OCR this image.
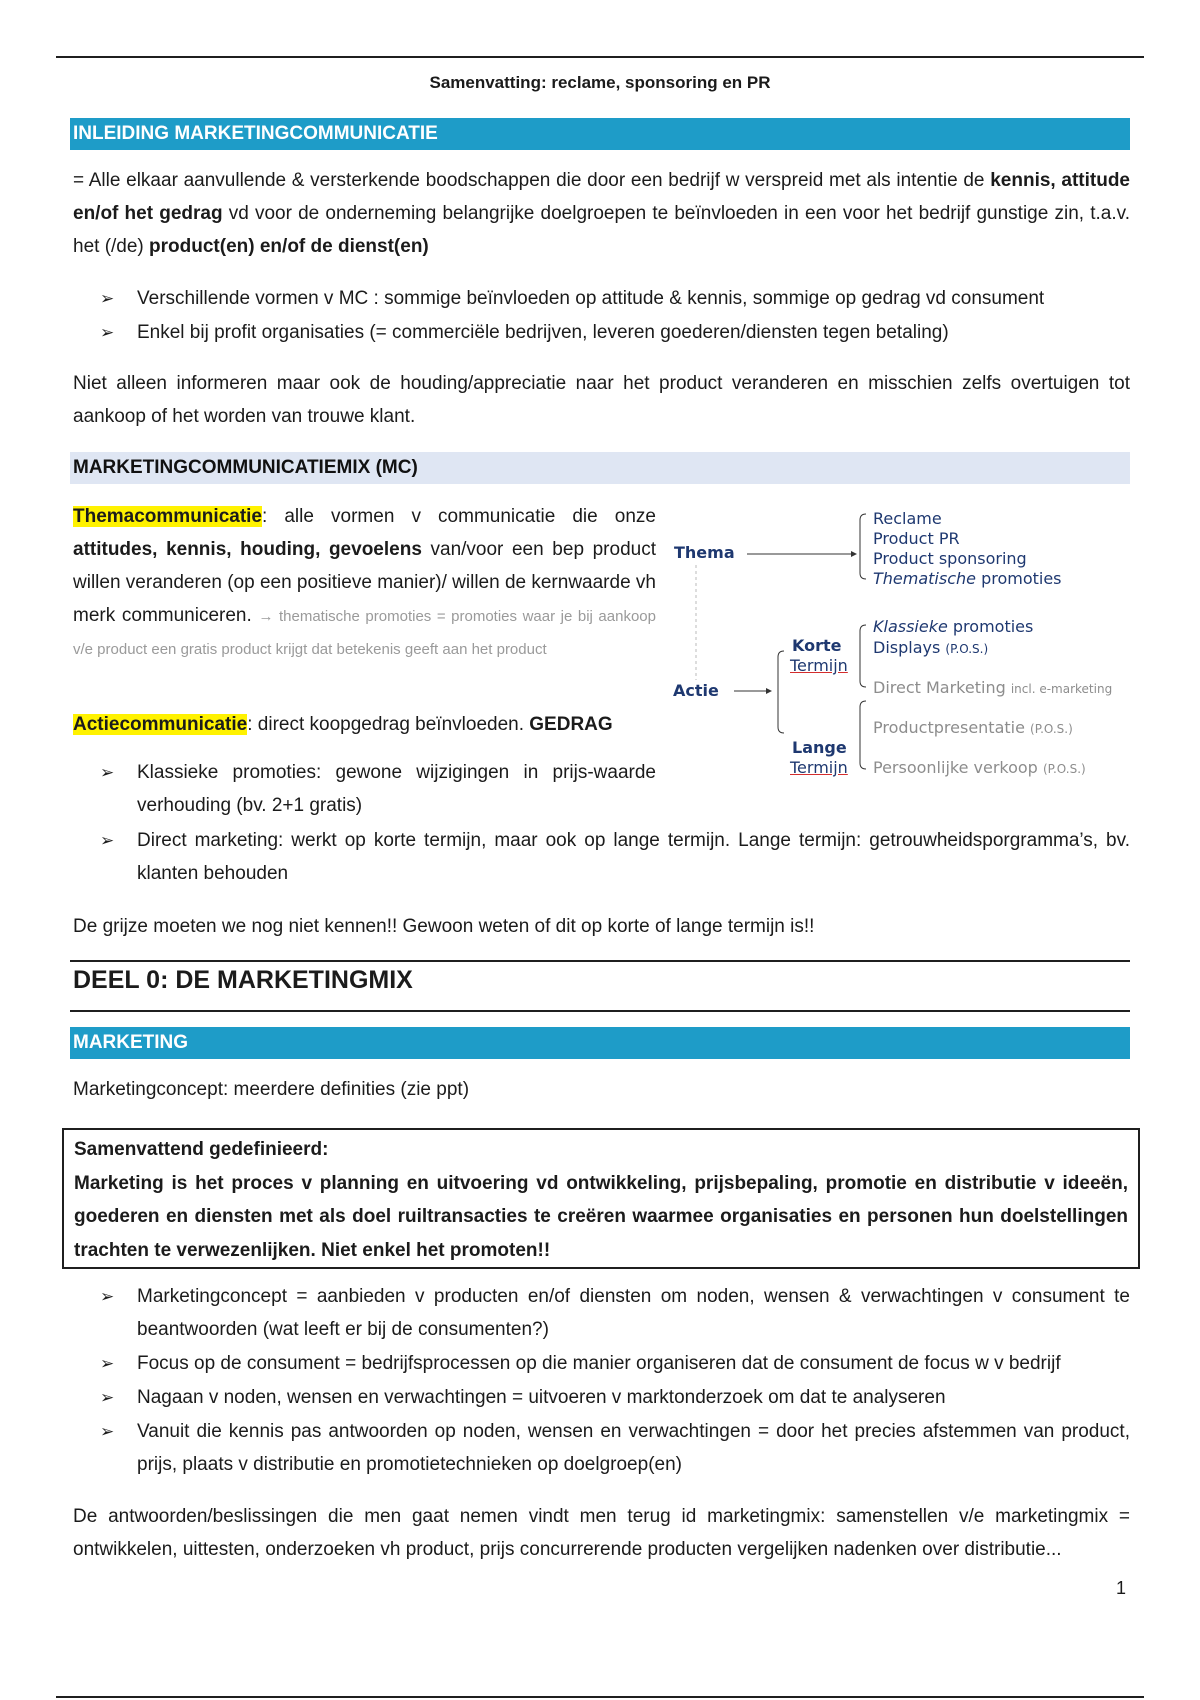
Samenvatting: reclame, sponsoring en PR
INLEIDING MARKETINGCOMMUNICATIE
= Alle elkaar aanvullende & versterkende boodschappen die door een bedrijf w verspreid met als intentie de kennis, attitude en/of het gedrag vd voor de onderneming belangrijke doelgroepen te beïnvloeden in een voor het bedrijf gunstige zin, t.a.v. het (/de) product(en) en/of de dienst(en)
➢ Verschillende vormen v MC : sommige beïnvloeden op attitude & kennis, sommige op gedrag vd consument
➢ Enkel bij profit organisaties (= commerciële bedrijven, leveren goederen/diensten tegen betaling)
Niet alleen informeren maar ook de houding/appreciatie naar het product veranderen en misschien zelfs overtuigen tot aankoop of het worden van trouwe klant.
MARKETINGCOMMUNICATIEMIX (MC)
Themacommunicatie: alle vormen v communicatie die onze attitudes, kennis, houding, gevoelens van/voor een bep product willen veranderen (op een positieve manier)/ willen de kernwaarde vh merk communiceren. → thematische promoties = promoties waar je bij aankoop v/e product een gratis product krijgt dat betekenis geeft aan het product
Actiecommunicatie: direct koopgedrag beïnvloeden. GEDRAG
➢ Klassieke promoties: gewone wijzigingen in prijs-waarde verhouding (bv. 2+1 gratis)
➢ Direct marketing: werkt op korte termijn, maar ook op lange termijn. Lange termijn: getrouwheidsporgramma’s, bv. klanten behouden
De grijze moeten we nog niet kennen!! Gewoon weten of dit op korte of lange termijn is!!
Thema
Actie
Korte
Termijn
Lange
Termijn
Reclame
Product PR
Product sponsoring
Thematische promoties
Klassieke promoties
Displays (P.O.S.)
Direct Marketing incl. e-marketing
Productpresentatie (P.O.S.)
Persoonlijke verkoop (P.O.S.)
DEEL 0: DE MARKETINGMIX
MARKETING
Marketingconcept: meerdere definities (zie ppt)
Samenvattend gedefinieerd:
Marketing is het proces v planning en uitvoering vd ontwikkeling, prijsbepaling, promotie en distributie v ideeën, goederen en diensten met als doel ruiltransacties te creëren waarmee organisaties en personen hun doelstellingen trachten te verwezenlijken. Niet enkel het promoten!!
➢ Marketingconcept = aanbieden v producten en/of diensten om noden, wensen & verwachtingen v consument te beantwoorden (wat leeft er bij de consumenten?)
➢ Focus op de consument = bedrijfsprocessen op die manier organiseren dat de consument de focus w v bedrijf
➢ Nagaan v noden, wensen en verwachtingen = uitvoeren v marktonderzoek om dat te analyseren
➢ Vanuit die kennis pas antwoorden op noden, wensen en verwachtingen = door het precies afstemmen van product, prijs, plaats v distributie en promotietechnieken op doelgroep(en)
De antwoorden/beslissingen die men gaat nemen vindt men terug id marketingmix: samenstellen v/e marketingmix = ontwikkelen, uittesten, onderzoeken vh product, prijs concurrerende producten vergelijken nadenken over distributie...
1
